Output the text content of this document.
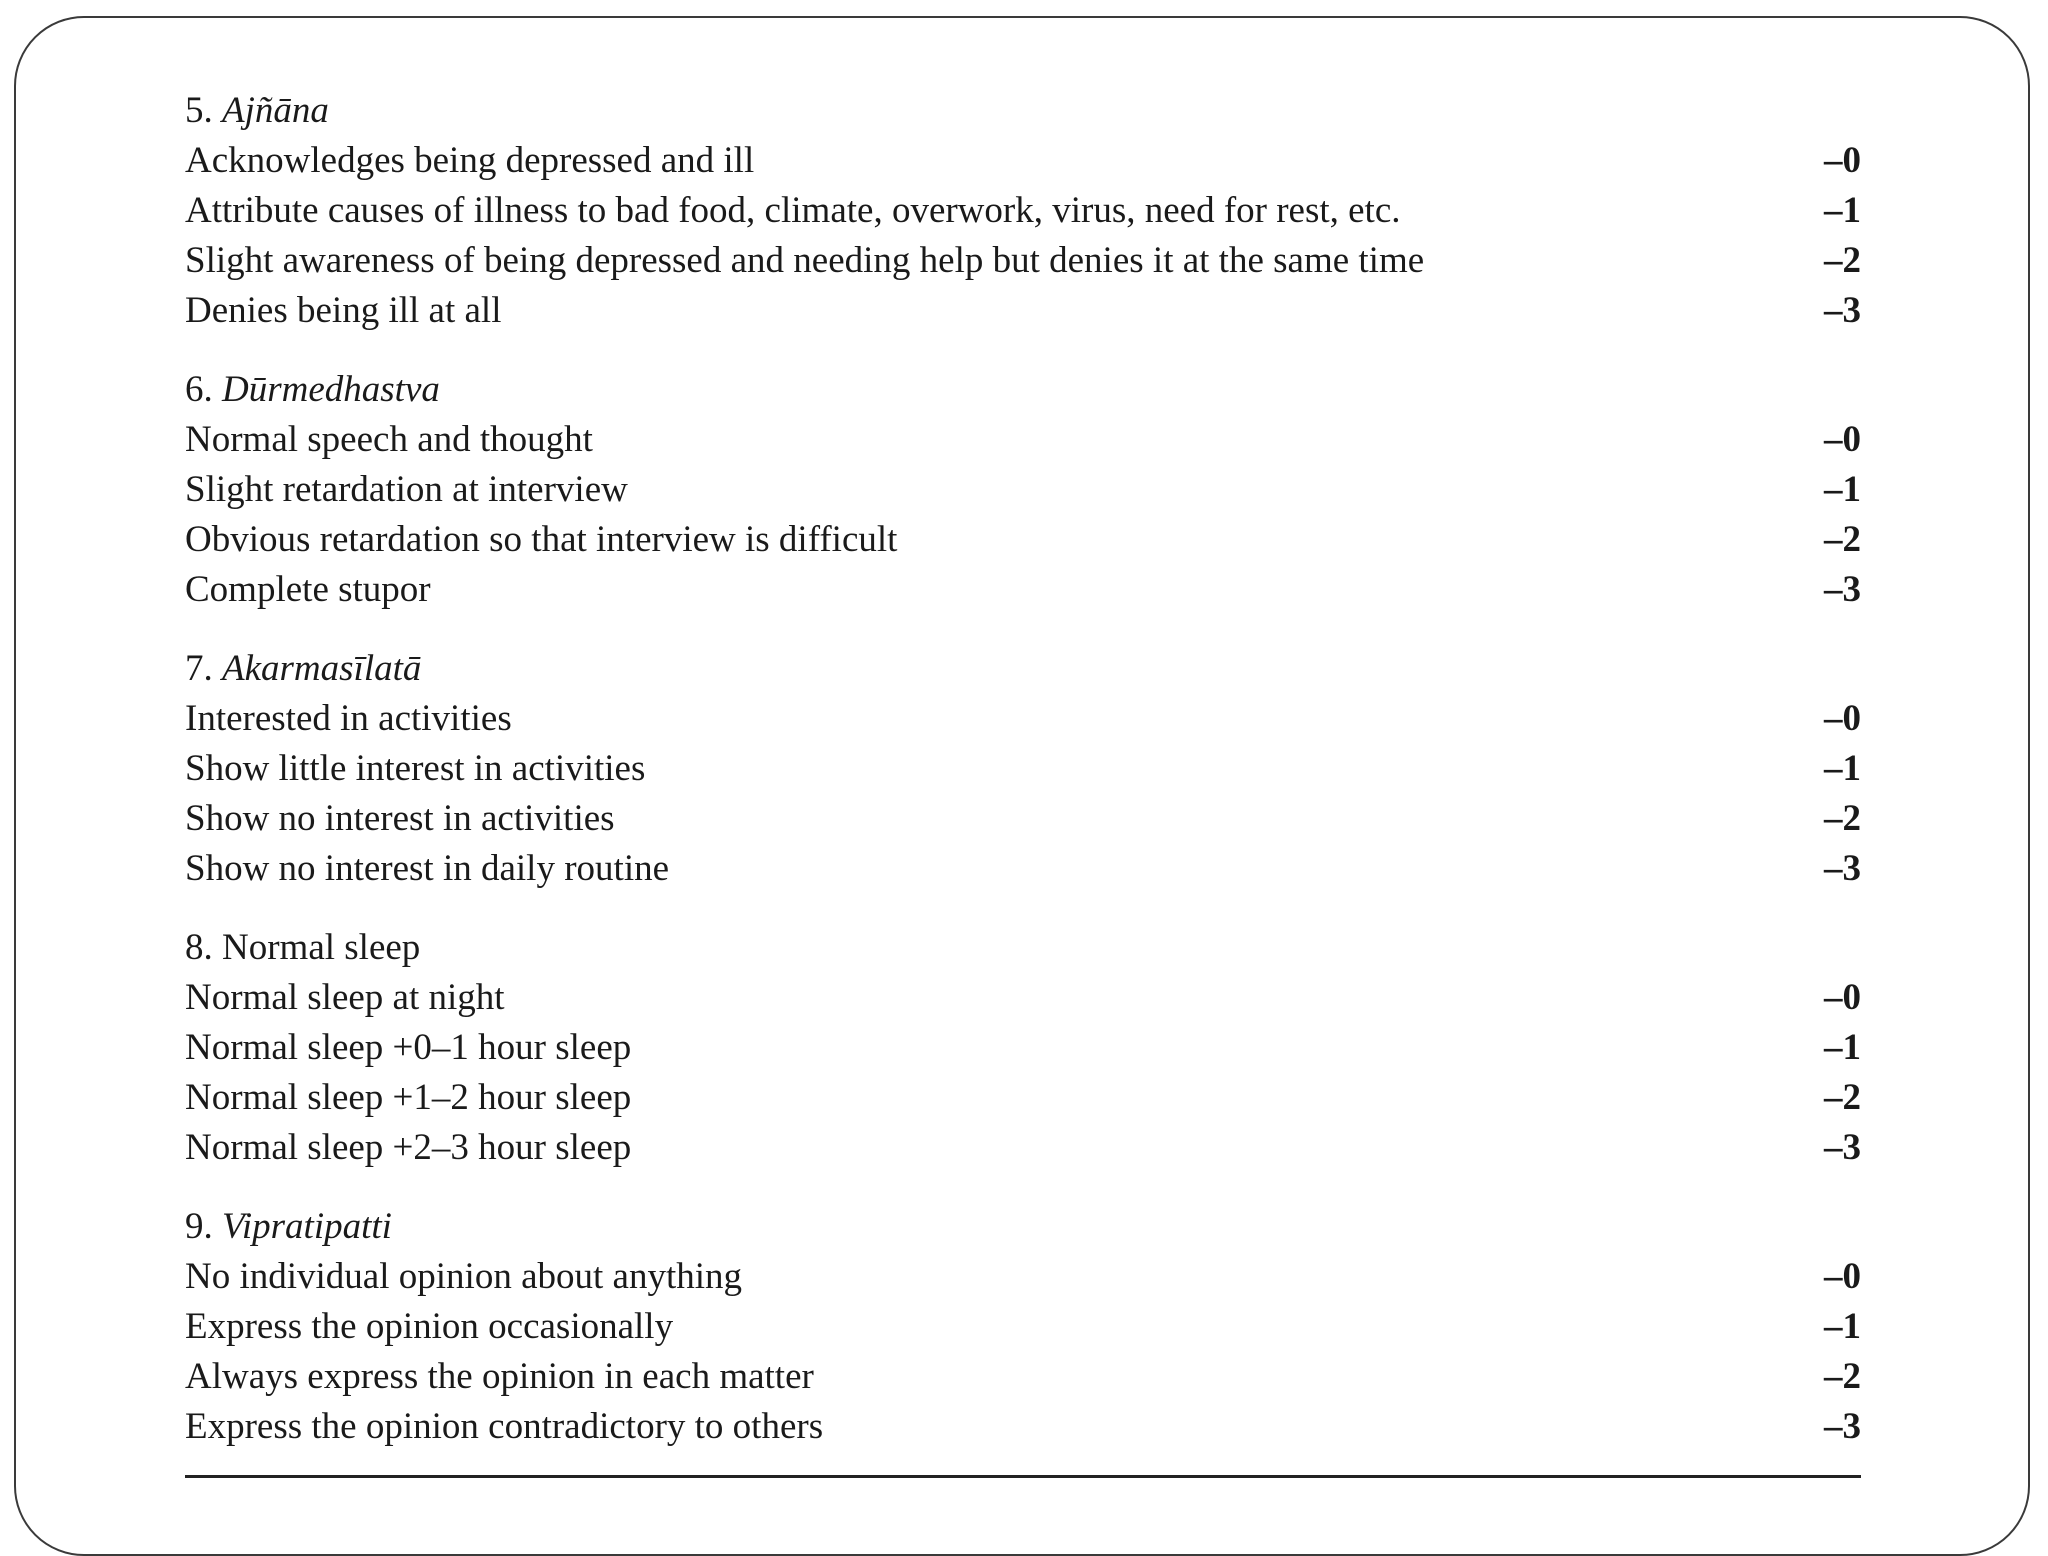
5. Ajñāna
Acknowledges being depressed and ill	–0
Attribute causes of illness to bad food, climate, overwork, virus, need for rest, etc.	–1
Slight awareness of being depressed and needing help but denies it at the same time	–2
Denies being ill at all	–3
6. Dūrmedhastva
Normal speech and thought	–0
Slight retardation at interview	–1
Obvious retardation so that interview is difficult	–2
Complete stupor	–3
7. Akarmasīlatā
Interested in activities	–0
Show little interest in activities	–1
Show no interest in activities	–2
Show no interest in daily routine	–3
8. Normal sleep
Normal sleep at night	–0
Normal sleep +0–1 hour sleep	–1
Normal sleep +1–2 hour sleep	–2
Normal sleep +2–3 hour sleep	–3
9. Vipratipatti
No individual opinion about anything	–0
Express the opinion occasionally	–1
Always express the opinion in each matter	–2
Express the opinion contradictory to others	–3
